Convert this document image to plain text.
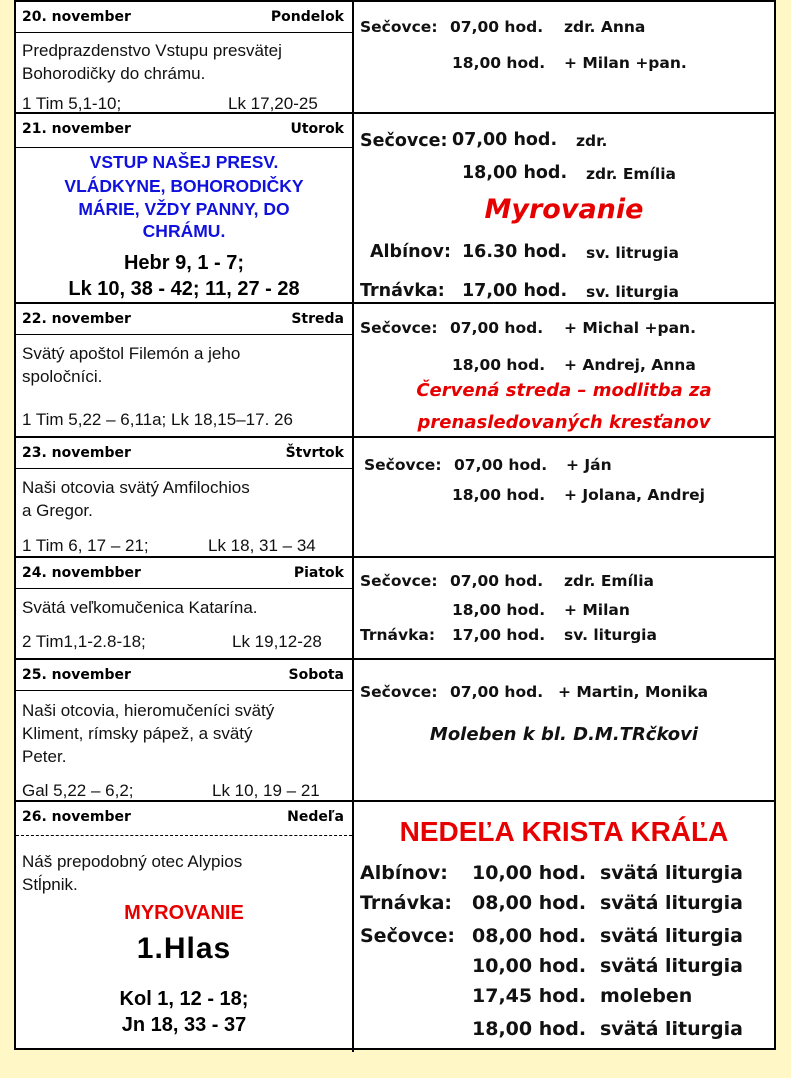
20. november	Pondelok
Predprazdenstvo Vstupu presvätej
Bohorodičky do chrámu.
1 Tim 5,1-10;	Lk 17,20-25
Sečovce: 07,00 hod. zdr. Anna
18,00 hod. + Milan +pan.
21. november	Utorok
VSTUP NAŠEJ PRESV.
VLÁDKYNE, BOHORODIČKY
MÁRIE, VŽDY PANNY, DO
CHRÁMU.
Hebr 9, 1 - 7;
Lk 10, 38 - 42; 11, 27 - 28
Sečovce: 07,00 hod. zdr.
18,00 hod. zdr. Emília
Myrovanie
Albínov: 16.30 hod. sv. litrugia
Trnávka: 17,00 hod. sv. liturgia
22. november	Streda
Svätý apoštol Filemón a jeho
spoločníci.
1 Tim 5,22 – 6,11a; Lk 18,15–17. 26
Sečovce: 07,00 hod. + Michal +pan.
18,00 hod. + Andrej, Anna
Červená streda – modlitba za
prenasledovaných kresťanov
23. november	Štvrtok
Naši otcovia svätý Amfilochios
a Gregor.
1 Tim 6, 17 – 21;	Lk 18, 31 – 34
Sečovce: 07,00 hod. + Ján
18,00 hod. + Jolana, Andrej
24. novembber	Piatok
Svätá veľkomučenica Katarína.
2 Tim1,1-2.8-18;	Lk 19,12-28
Sečovce: 07,00 hod. zdr. Emília
18,00 hod. + Milan
Trnávka: 17,00 hod. sv. liturgia
25. november	Sobota
Naši otcovia, hieromučeníci svätý
Kliment, rímsky pápež, a svätý
Peter.
Gal 5,22 – 6,2;	Lk 10, 19 – 21
Sečovce: 07,00 hod. + Martin, Monika
Moleben k bl. D.M.TRčkovi
26. november	Nedeľa
Náš prepodobný otec Alypios
Stĺpnik.
MYROVANIE
1.Hlas
Kol 1, 12 - 18;
Jn 18, 33 - 37
NEDEĽA KRISTA KRÁĽA
Albínov: 10,00 hod. svätá liturgia
Trnávka: 08,00 hod. svätá liturgia
Sečovce: 08,00 hod. svätá liturgia
10,00 hod. svätá liturgia
17,45 hod. moleben
18,00 hod. svätá liturgia
